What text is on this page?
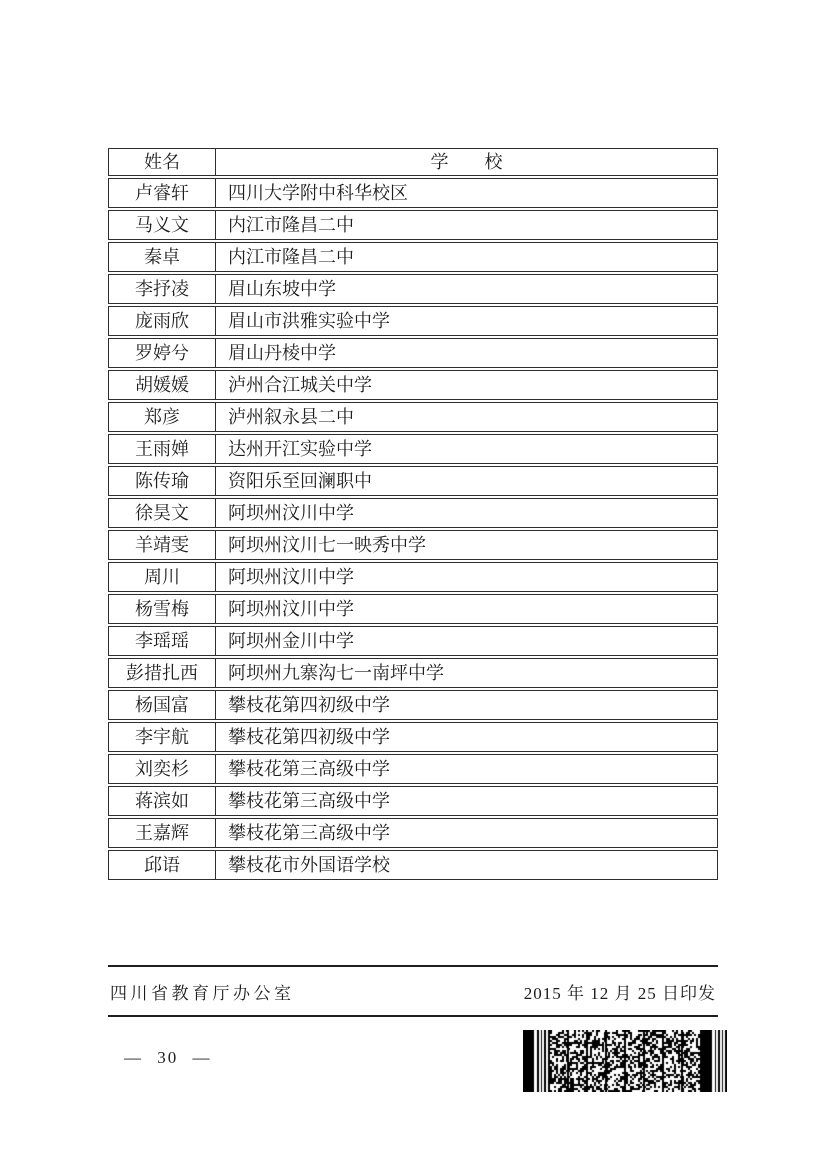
姓名	学　　校
卢睿轩	四川大学附中科华校区
马义文	内江市隆昌二中
秦卓	内江市隆昌二中
李抒凌	眉山东坡中学
庞雨欣	眉山市洪雅实验中学
罗婷兮	眉山丹棱中学
胡媛媛	泸州合江城关中学
郑彦	泸州叙永县二中
王雨婵	达州开江实验中学
陈传瑜	资阳乐至回澜职中
徐昊文	阿坝州汶川中学
羊靖雯	阿坝州汶川七一映秀中学
周川	阿坝州汶川中学
杨雪梅	阿坝州汶川中学
李瑶瑶	阿坝州金川中学
彭措扎西	阿坝州九寨沟七一南坪中学
杨国富	攀枝花第四初级中学
李宇航	攀枝花第四初级中学
刘奕杉	攀枝花第三高级中学
蒋滨如	攀枝花第三高级中学
王嘉辉	攀枝花第三高级中学
邱语	攀枝花市外国语学校
四川省教育厅办公室	2015 年 12 月 25 日印发
— 30 —
